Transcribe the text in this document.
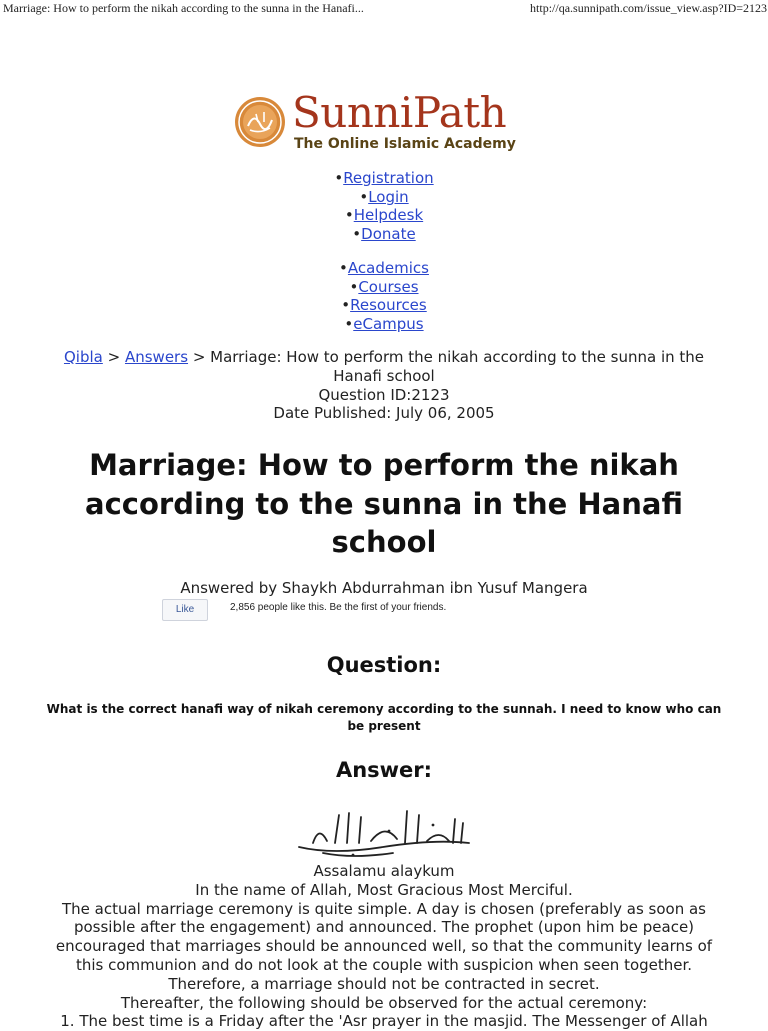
Marriage: How to perform the nikah according to the sunna in the Hanafi...	http://qa.sunnipath.com/issue_view.asp?ID=2123
SunniPath
The Online Islamic Academy
• Registration
• Login
• Helpdesk
• Donate
• Academics
• Courses
• Resources
• eCampus
Qibla > Answers > Marriage: How to perform the nikah according to the sunna in the Hanafi school
Question ID:2123
Date Published: July 06, 2005
Marriage: How to perform the nikah according to the sunna in the Hanafi school
Answered by Shaykh Abdurrahman ibn Yusuf Mangera
Like	2,856 people like this. Be the first of your friends.
Question:
What is the correct hanafi way of nikah ceremony according to the sunnah. I need to know who can be present
Answer:
Assalamu alaykum
In the name of Allah, Most Gracious Most Merciful.
The actual marriage ceremony is quite simple. A day is chosen (preferably as soon as possible after the engagement) and announced. The prophet (upon him be peace) encouraged that marriages should be announced well, so that the community learns of this communion and do not look at the couple with suspicion when seen together. Therefore, a marriage should not be contracted in secret.
Thereafter, the following should be observed for the actual ceremony:
1. The best time is a Friday after the 'Asr prayer in the masjid. The Messenger of Allah
